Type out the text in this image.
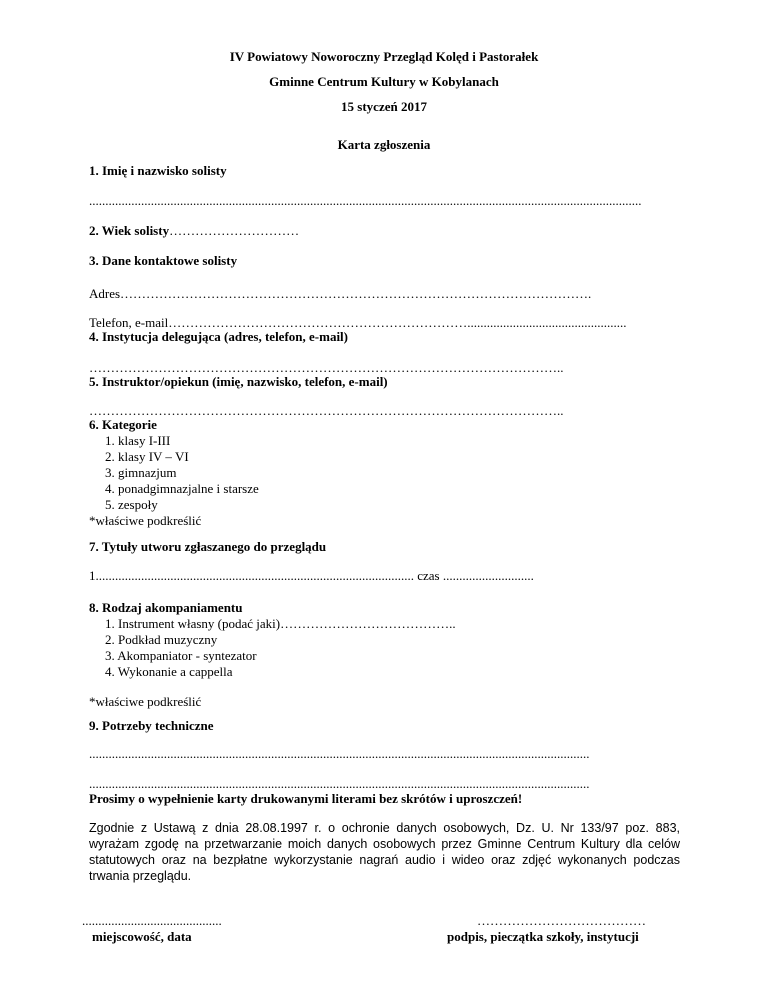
IV Powiatowy Noworoczny Przegląd Kolęd i Pastorałek
Gminne Centrum Kultury w Kobylanach
15 styczeń 2017
Karta zgłoszenia
1. Imię i nazwisko solisty
..........................................................................................................................................................................
2. Wiek solisty…………………………
3. Dane kontaktowe solisty
Adres……………………………………………………………………………………………….
Telefon, e-mail…………………………………………………………….................................................
4. Instytucja delegująca (adres, telefon, e-mail)
………………………………………………………………………………………………..
5. Instruktor/opiekun (imię, nazwisko, telefon, e-mail)
………………………………………………………………………………………………..
6. Kategorie
1. klasy I-III
2. klasy IV – VI
3. gimnazjum
4. ponadgimnazjalne i starsze
5. zespoły
*właściwe podkreślić
7. Tytuły utworu zgłaszanego do przeglądu
1.................................................................................................. czas ............................
8. Rodzaj akompaniamentu
1. Instrument własny (podać jaki)…………………………………..
2. Podkład muzyczny
3. Akompaniator - syntezator
4. Wykonanie a cappella
*właściwe podkreślić
9. Potrzeby techniczne
..........................................................................................................................................................
..........................................................................................................................................................
Prosimy o wypełnienie karty drukowanymi literami bez skrótów i uproszczeń!
Zgodnie z Ustawą z dnia 28.08.1997 r. o ochronie danych osobowych, Dz. U. Nr 133/97 poz. 883, wyrażam zgodę na przetwarzanie moich danych osobowych przez Gminne Centrum Kultury dla celów statutowych oraz na bezpłatne wykorzystanie nagrań audio i wideo oraz zdjęć wykonanych podczas trwania przeglądu.
...........................................
miejscowość, data
…………………………………
podpis, pieczątka szkoły, instytucji
